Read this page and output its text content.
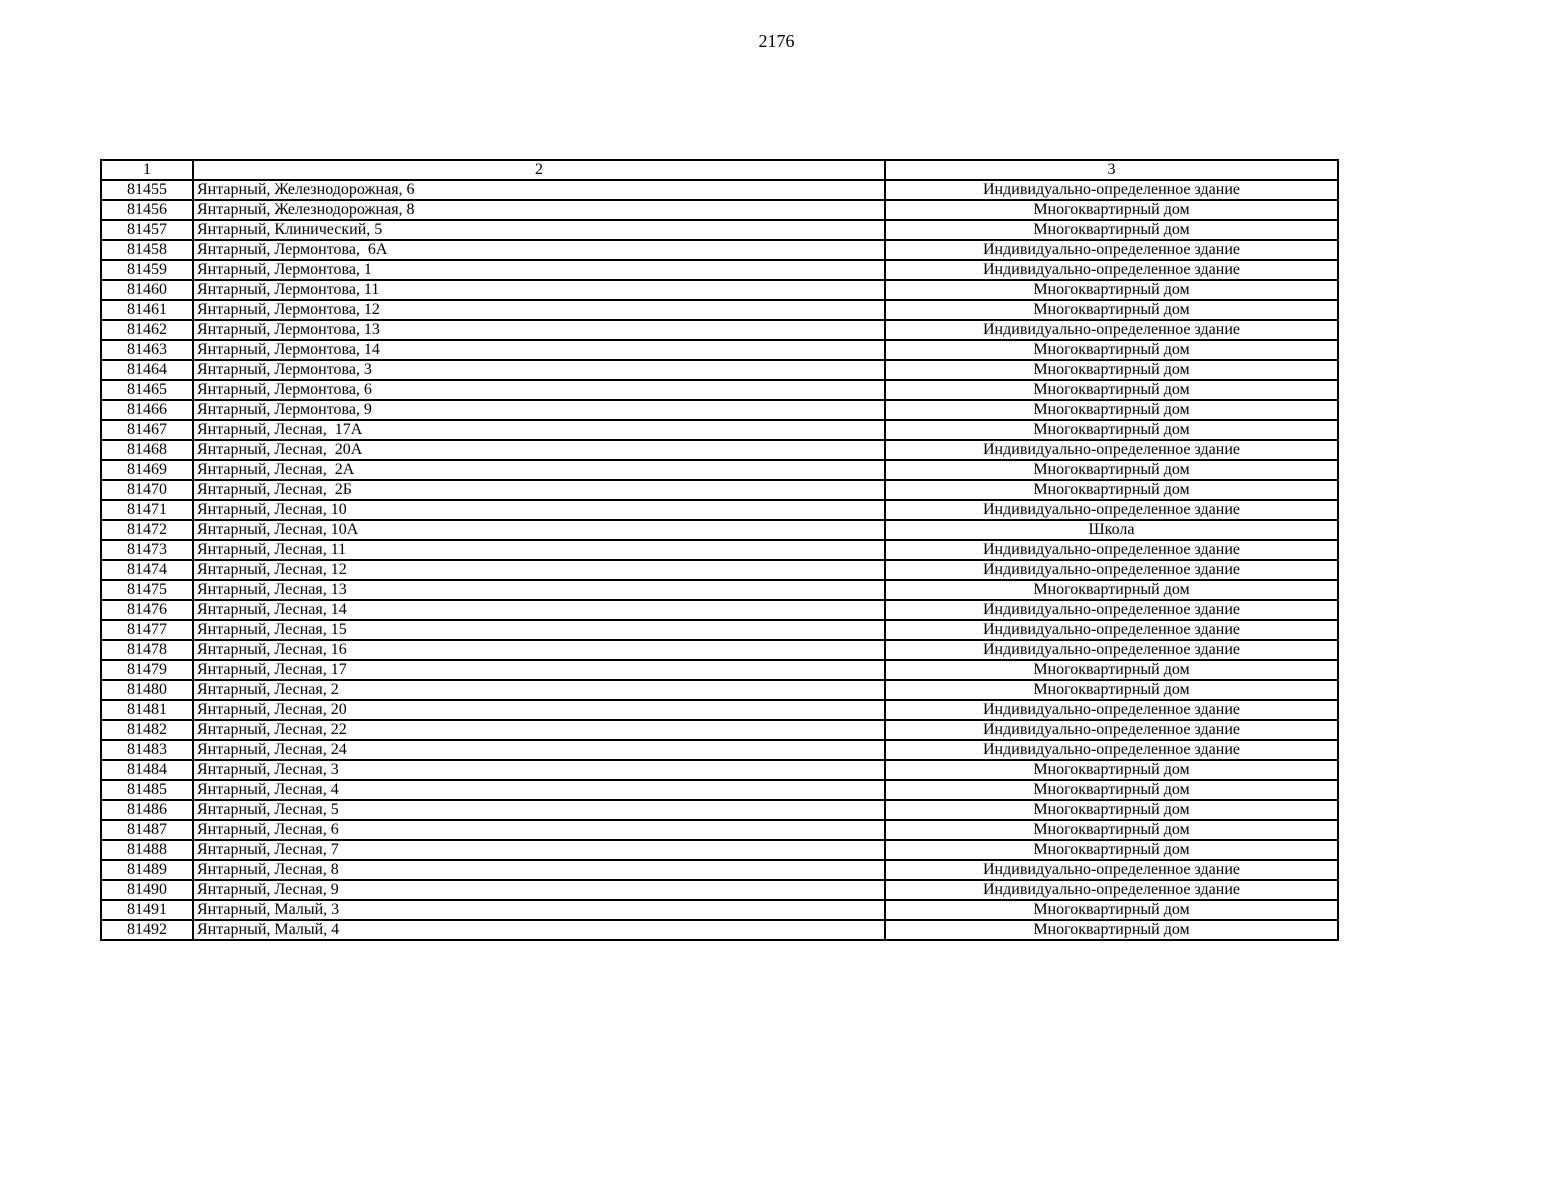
2176
1	2	3
81455	Янтарный, Железнодорожная, 6	Индивидуально-определенное здание
81456	Янтарный, Железнодорожная, 8	Многоквартирный дом
81457	Янтарный, Клинический, 5	Многоквартирный дом
81458	Янтарный, Лермонтова,  6А	Индивидуально-определенное здание
81459	Янтарный, Лермонтова, 1	Индивидуально-определенное здание
81460	Янтарный, Лермонтова, 11	Многоквартирный дом
81461	Янтарный, Лермонтова, 12	Многоквартирный дом
81462	Янтарный, Лермонтова, 13	Индивидуально-определенное здание
81463	Янтарный, Лермонтова, 14	Многоквартирный дом
81464	Янтарный, Лермонтова, 3	Многоквартирный дом
81465	Янтарный, Лермонтова, 6	Многоквартирный дом
81466	Янтарный, Лермонтова, 9	Многоквартирный дом
81467	Янтарный, Лесная,  17А	Многоквартирный дом
81468	Янтарный, Лесная,  20А	Индивидуально-определенное здание
81469	Янтарный, Лесная,  2А	Многоквартирный дом
81470	Янтарный, Лесная,  2Б	Многоквартирный дом
81471	Янтарный, Лесная, 10	Индивидуально-определенное здание
81472	Янтарный, Лесная, 10А	Школа
81473	Янтарный, Лесная, 11	Индивидуально-определенное здание
81474	Янтарный, Лесная, 12	Индивидуально-определенное здание
81475	Янтарный, Лесная, 13	Многоквартирный дом
81476	Янтарный, Лесная, 14	Индивидуально-определенное здание
81477	Янтарный, Лесная, 15	Индивидуально-определенное здание
81478	Янтарный, Лесная, 16	Индивидуально-определенное здание
81479	Янтарный, Лесная, 17	Многоквартирный дом
81480	Янтарный, Лесная, 2	Многоквартирный дом
81481	Янтарный, Лесная, 20	Индивидуально-определенное здание
81482	Янтарный, Лесная, 22	Индивидуально-определенное здание
81483	Янтарный, Лесная, 24	Индивидуально-определенное здание
81484	Янтарный, Лесная, 3	Многоквартирный дом
81485	Янтарный, Лесная, 4	Многоквартирный дом
81486	Янтарный, Лесная, 5	Многоквартирный дом
81487	Янтарный, Лесная, 6	Многоквартирный дом
81488	Янтарный, Лесная, 7	Многоквартирный дом
81489	Янтарный, Лесная, 8	Индивидуально-определенное здание
81490	Янтарный, Лесная, 9	Индивидуально-определенное здание
81491	Янтарный, Малый, 3	Многоквартирный дом
81492	Янтарный, Малый, 4	Многоквартирный дом
